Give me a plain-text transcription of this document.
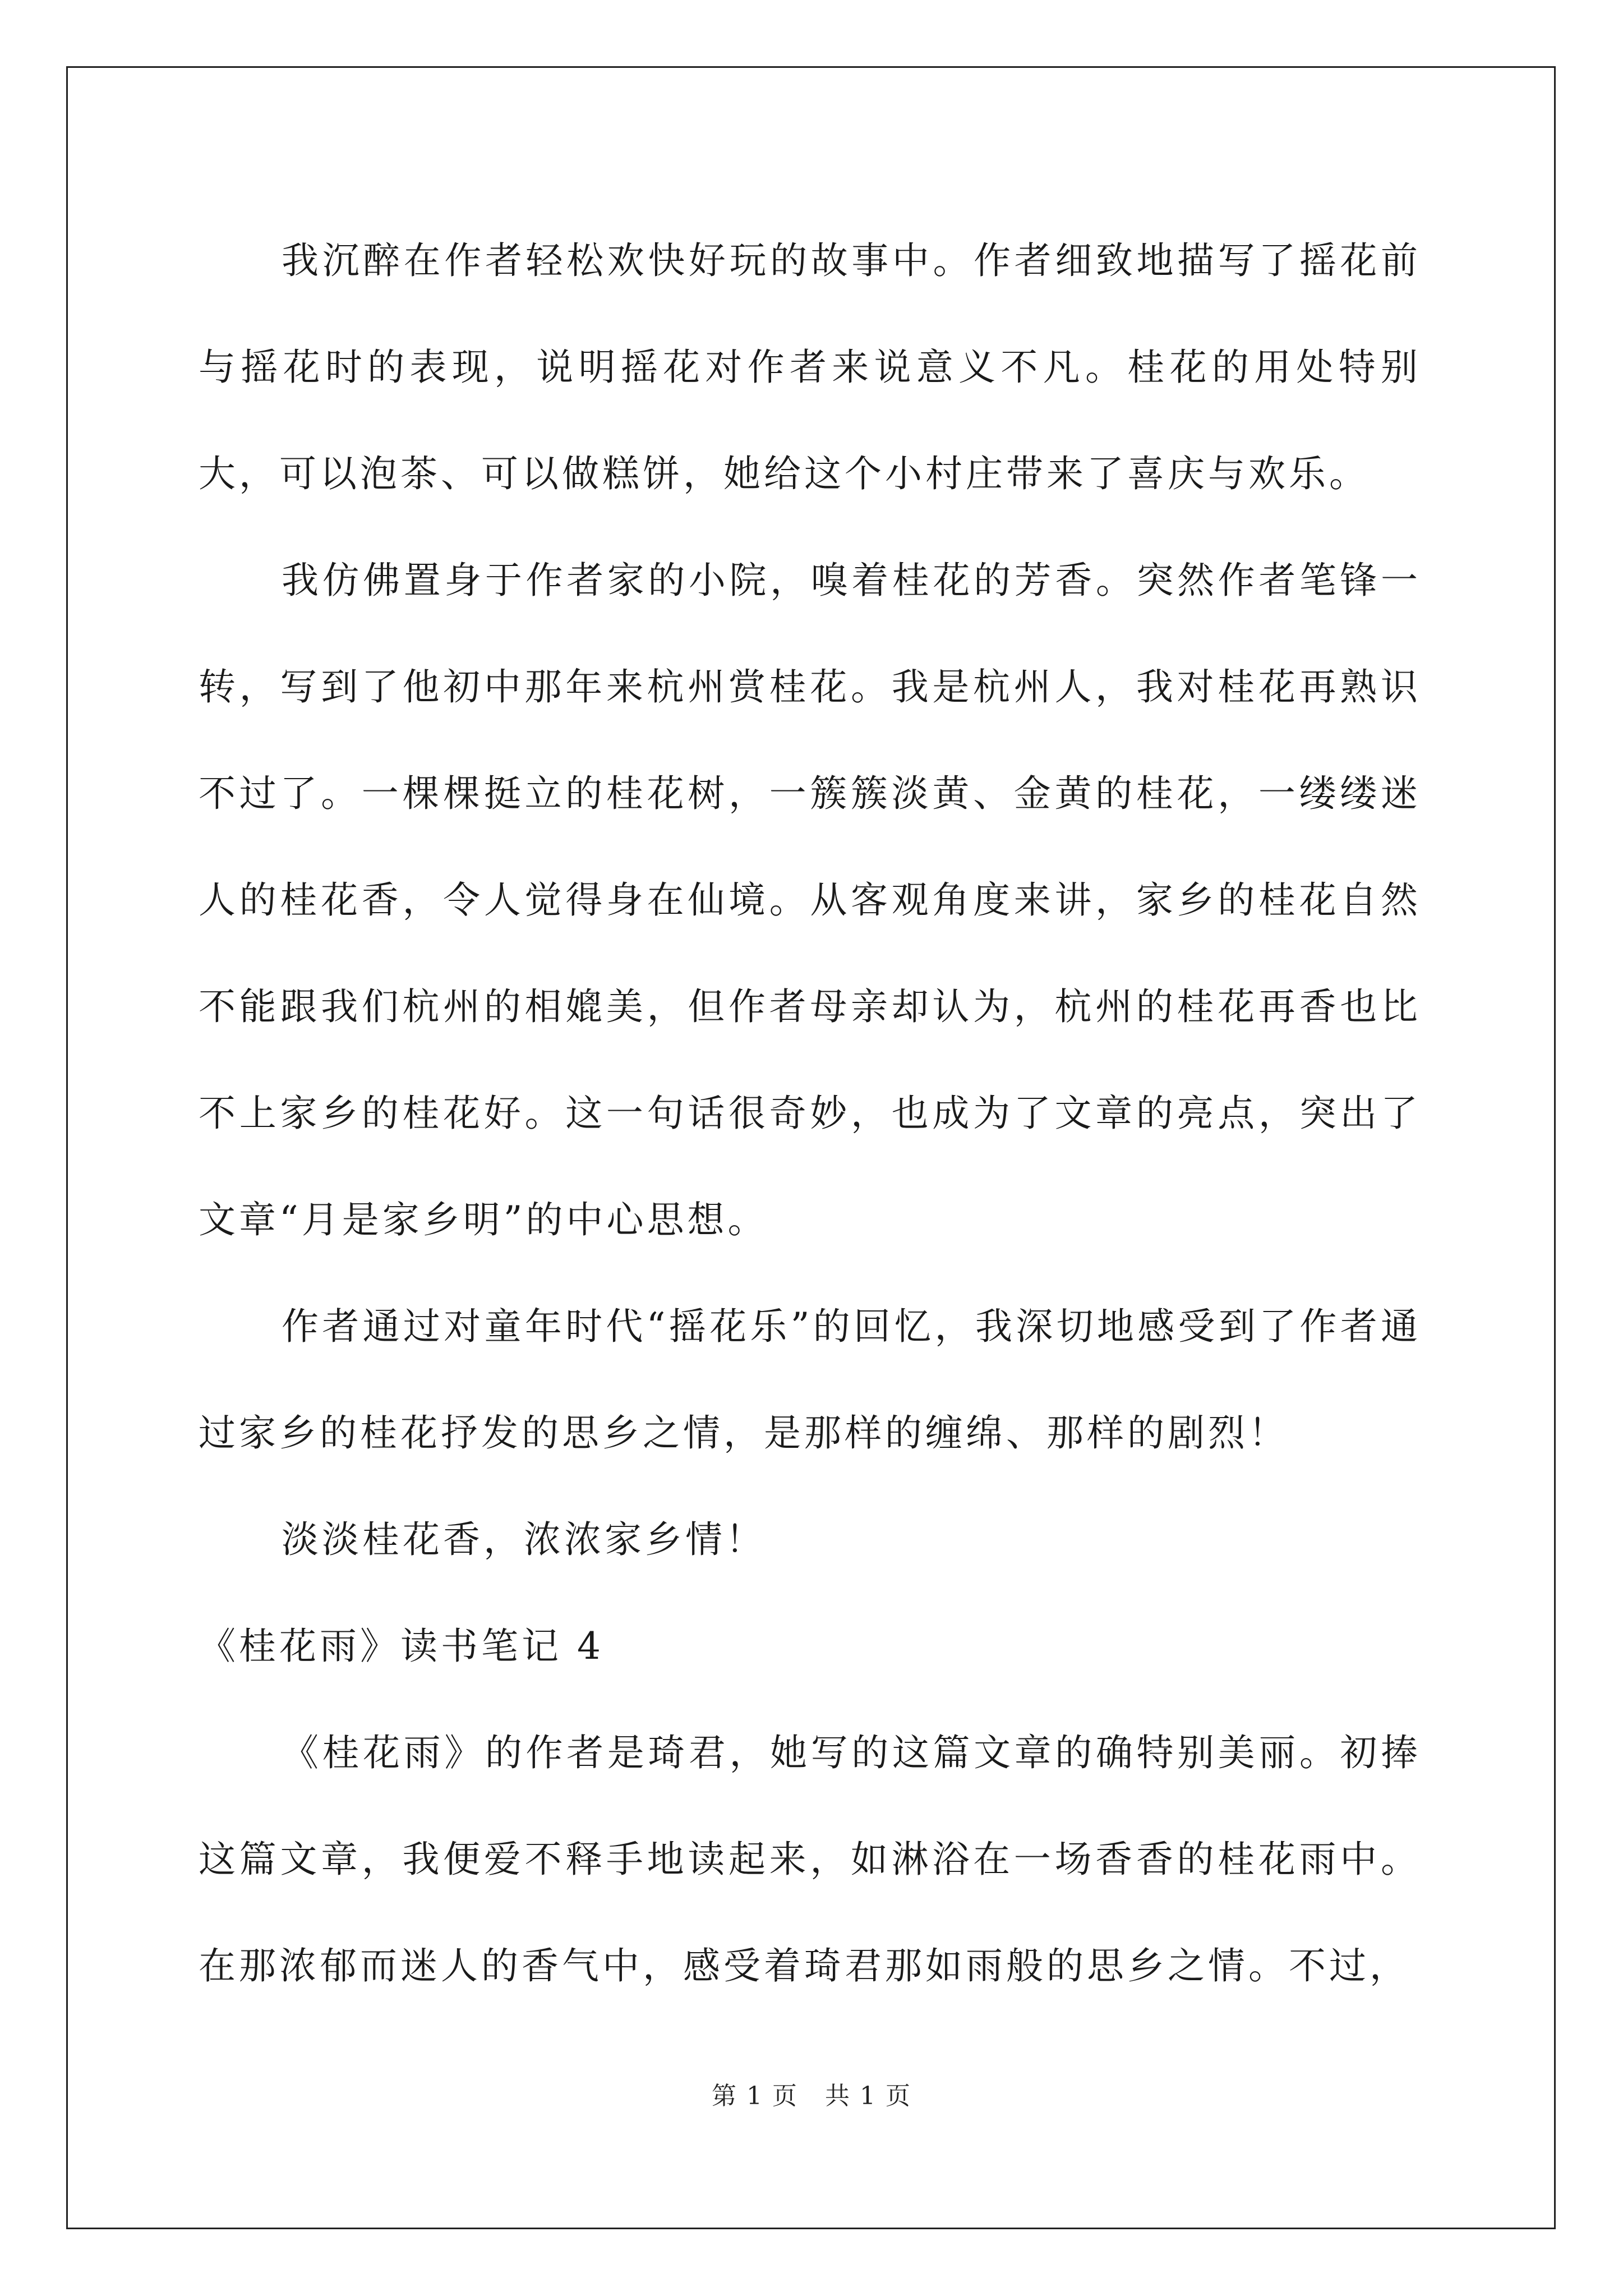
我沉醉在作者轻松欢快好玩的故事中。作者细致地描写了摇花前与摇花时的表现，说明摇花对作者来说意义不凡。桂花的用处特别大，可以泡茶、可以做糕饼，她给这个小村庄带来了喜庆与欢乐。

我仿佛置身于作者家的小院，嗅着桂花的芳香。突然作者笔锋一转，写到了他初中那年来杭州赏桂花。我是杭州人，我对桂花再熟识不过了。一棵棵挺立的桂花树，一簇簇淡黄、金黄的桂花，一缕缕迷人的桂花香，令人觉得身在仙境。从客观角度来讲，家乡的桂花自然不能跟我们杭州的相媲美，但作者母亲却认为，杭州的桂花再香也比不上家乡的桂花好。这一句话很奇妙，也成为了文章的亮点，突出了文章“月是家乡明”的中心思想。

作者通过对童年时代“摇花乐”的回忆，我深切地感受到了作者通过家乡的桂花抒发的思乡之情，是那样的缠绵、那样的剧烈！

淡淡桂花香，浓浓家乡情！

《桂花雨》读书笔记 4

《桂花雨》的作者是琦君，她写的这篇文章的确特别美丽。初捧这篇文章，我便爱不释手地读起来，如淋浴在一场香香的桂花雨中。在那浓郁而迷人的香气中，感受着琦君那如雨般的思乡之情。不过，

第 1 页 共 1 页
